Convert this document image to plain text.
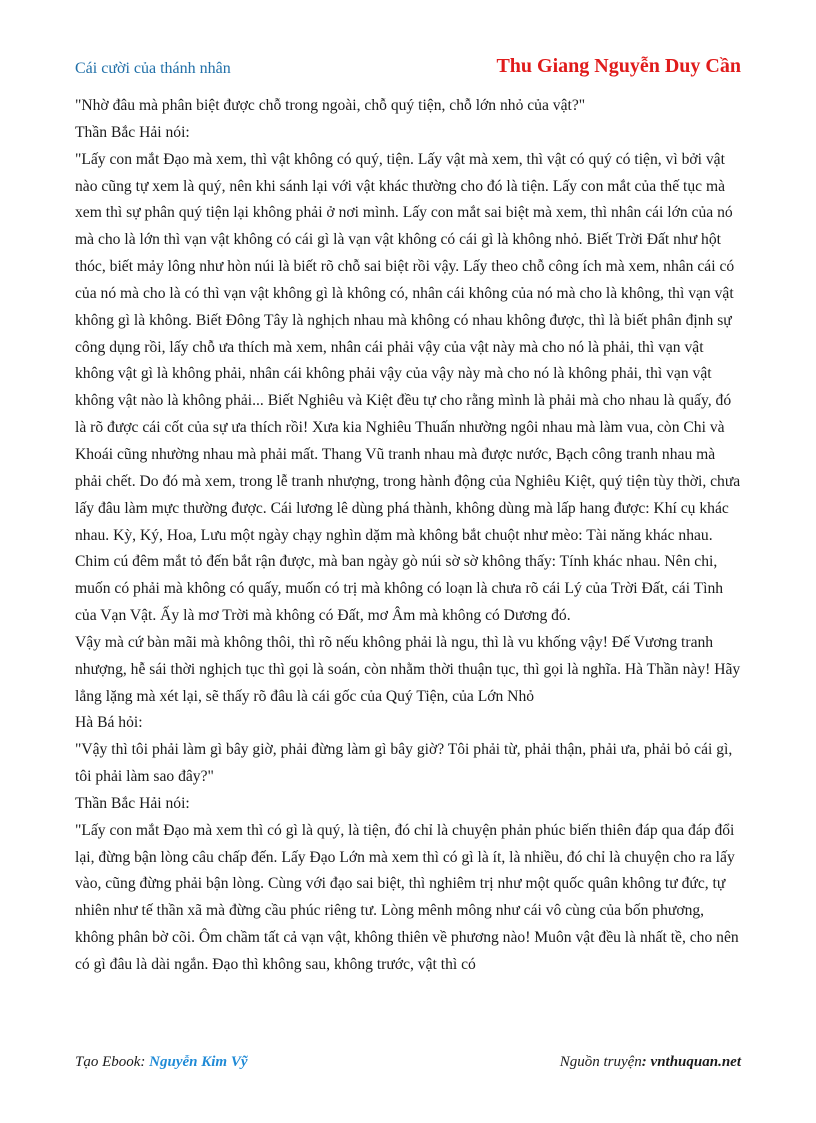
Cái cười của thánh nhân	Thu Giang Nguyễn Duy Cần

"Nhờ đâu mà phân biệt được chỗ trong ngoài, chỗ quý tiện, chỗ lớn nhỏ của vật?"

Thần Bắc Hải nói:

"Lấy con mắt Đạo mà xem, thì vật không có quý, tiện. Lấy vật mà xem, thì vật có quý có tiện, vì bởi vật nào cũng tự xem là quý, nên khi sánh lại với vật khác thường cho đó là tiện. Lấy con mắt của thế tục mà xem thì sự phân quý tiện lại không phải ở nơi mình. Lấy con mắt sai biệt mà xem, thì nhân cái lớn của nó mà cho là lớn thì vạn vật không có cái gì là vạn vật không có cái gì là không nhỏ. Biết Trời Đất như hột thóc, biết mảy lông như hòn núi là biết rõ chỗ sai biệt rồi vậy. Lấy theo chỗ công ích mà xem, nhân cái có của nó mà cho là có thì vạn vật không gì là không có, nhân cái không của nó mà cho là không, thì vạn vật không gì là không. Biết Đông Tây là nghịch nhau mà không có nhau không được, thì là biết phân định sự công dụng rồi, lấy chỗ ưa thích mà xem, nhân cái phải vậy của vật này mà cho nó là phải, thì vạn vật không vật gì là không phải, nhân cái không phải vậy của vậy này mà cho nó là không phải, thì vạn vật không vật nào là không phải... Biết Nghiêu và Kiệt đều tự cho rằng mình là phải mà cho nhau là quấy, đó là rõ được cái cốt của sự ưa thích rồi! Xưa kia Nghiêu Thuấn nhường ngôi nhau mà làm vua, còn Chi và Khoái cũng nhường nhau mà phải mất. Thang Vũ tranh nhau mà được nước, Bạch công tranh nhau mà phải chết. Do đó mà xem, trong lễ tranh nhượng, trong hành động của Nghiêu Kiệt, quý tiện tùy thời, chưa lấy đâu làm mực thường được. Cái lương lê dùng phá thành, không dùng mà lấp hang được: Khí cụ khác nhau. Kỳ, Ký, Hoa, Lưu một ngày chạy nghìn dặm mà không bắt chuột như mèo: Tài năng khác nhau. Chim cú đêm mắt tỏ đến bắt rận được, mà ban ngày gò núi sờ sờ không thấy: Tính khác nhau. Nên chi, muốn có phải mà không có quấy, muốn có trị mà không có loạn là chưa rõ cái Lý của Trời Đất, cái Tình của Vạn Vật. Ấy là mơ Trời mà không có Đất, mơ Âm mà không có Dương đó.

Vậy mà cứ bàn mãi mà không thôi, thì rõ nếu không phải là ngu, thì là vu khống vậy! Đế Vương tranh nhượng, hễ sái thời nghịch tục thì gọi là soán, còn nhằm thời thuận tục, thì gọi là nghĩa. Hà Thần này! Hãy lẳng lặng mà xét lại, sẽ thấy rõ đâu là cái gốc của Quý Tiện, của Lớn Nhỏ

Hà Bá hỏi:

"Vậy thì tôi phải làm gì bây giờ, phải đừng làm gì bây giờ? Tôi phải từ, phải thận, phải ưa, phải bỏ cái gì, tôi phải làm sao đây?"

Thần Bắc Hải nói:

"Lấy con mắt Đạo mà xem thì có gì là quý, là tiện, đó chỉ là chuyện phản phúc biến thiên đáp qua đáp đổi lại, đừng bận lòng câu chấp đến. Lấy Đạo Lớn mà xem thì có gì là ít, là nhiều, đó chỉ là chuyện cho ra lấy vào, cũng đừng phải bận lòng. Cùng với đạo sai biệt, thì nghiêm trị như một quốc quân không tư đức, tự nhiên như tế thần xã mà đừng cầu phúc riêng tư. Lòng mênh mông như cái vô cùng của bốn phương, không phân bờ cõi. Ôm chầm tất cả vạn vật, không thiên về phương nào! Muôn vật đều là nhất tề, cho nên có gì đâu là dài ngắn. Đạo thì không sau, không trước, vật thì có

Tạo Ebook: Nguyễn Kim Vỹ	Nguồn truyện: vnthuquan.net
